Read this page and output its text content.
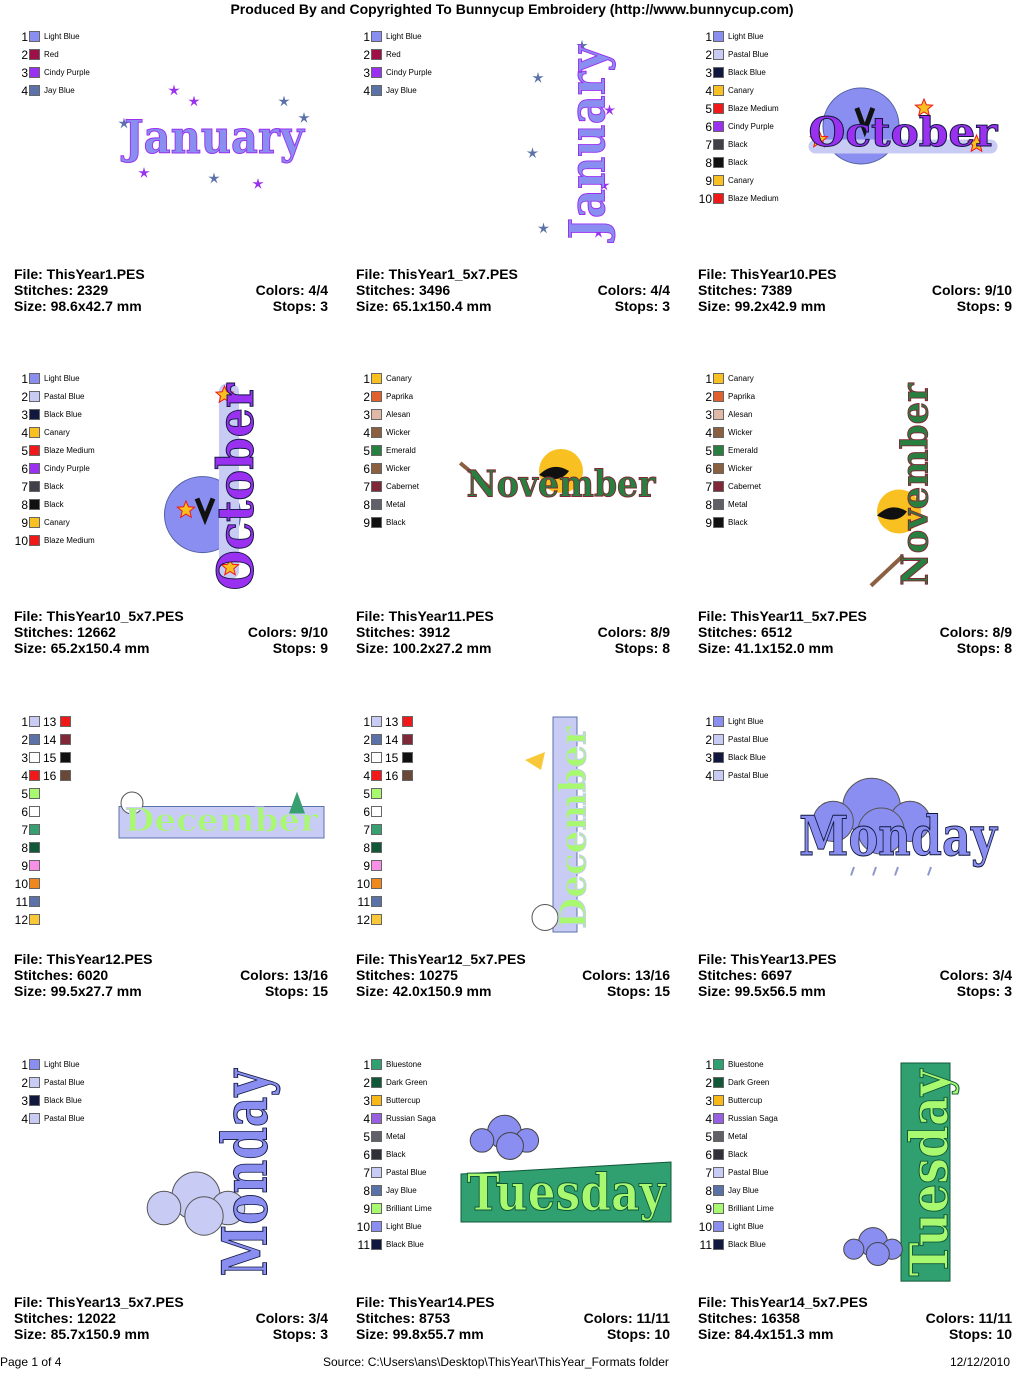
Produced By and Copyrighted To Bunnycup Embroidery (http://www.bunnycup.com)
1 Light Blue
2 Red
3 Cindy Purple
4 Jay Blue
January
File: ThisYear1.PES
Stitches: 2329	Colors: 4/4
Size: 98.6x42.7 mm	Stops: 3
1 Light Blue
2 Red
3 Cindy Purple
4 Jay Blue	January
File: ThisYear1_5x7.PES
Stitches: 3496	Colors: 4/4
Size: 65.1x150.4 mm	Stops: 3
1 Light Blue
2 Pastal Blue
3 Black Blue
4 Canary
5 Blaze Medium
6 Cindy Purple
7 Black
8 Black
9 Canary
10 Blaze Medium
October
File: ThisYear10.PES
Stitches: 7389	Colors: 9/10
Size: 99.2x42.9 mm	Stops: 9
1 Light Blue
2 Pastal Blue
3 Black Blue
4 Canary
5 Blaze Medium
6 Cindy Purple
7 Black
8 Black
9 Canary
10 Blaze Medium October
File: ThisYear10_5x7.PES
Stitches: 12662	Colors: 9/10
Size: 65.2x150.4 mm	Stops: 9
1 Canary
2 Paprika
3 Alesan
4 Wicker
5 Emerald
6 Wicker
7 Cabernet
8 Metal
9 Black
November
File: ThisYear11.PES
Stitches: 3912	Colors: 8/9
Size: 100.2x27.2 mm	Stops: 8
1 Canary
2 Paprika
3 Alesan
4 Wicker
5 Emerald
6 Wicker
7 Cabernet
8 Metal
9 Black	November
File: ThisYear11_5x7.PES
Stitches: 6512	Colors: 8/9
Size: 41.1x152.0 mm	Stops: 8
1
2
3
4
5
6
7
8
9
10
11
12
13
14
15
16
December
File: ThisYear12.PES
Stitches: 6020	Colors: 13/16
Size: 99.5x27.7 mm	Stops: 15
1
2
3
4
5
6
7
8
9
10
11
12
13
14
15
16	December
File: ThisYear12_5x7.PES
Stitches: 10275	Colors: 13/16
Size: 42.0x150.9 mm	Stops: 15
1 Light Blue
2 Pastal Blue
3 Black Blue
4 Pastal Blue
Monday
File: ThisYear13.PES
Stitches: 6697	Colors: 3/4
Size: 99.5x56.5 mm	Stops: 3
1 Light Blue
2 Pastal Blue
3 Black Blue
4 Pastal Blue Monday
File: ThisYear13_5x7.PES
Stitches: 12022	Colors: 3/4
Size: 85.7x150.9 mm	Stops: 3
1 Bluestone
2 Dark Green
3 Buttercup
4 Russian Saga
5 Metal
6 Black
7 Pastal Blue
8 Jay Blue
9 Brilliant Lime
10 Light Blue
11 Black Blue
Tuesday
File: ThisYear14.PES
Stitches: 8753	Colors: 11/11
Size: 99.8x55.7 mm	Stops: 10
1 Bluestone
2 Dark Green
3 Buttercup
4 Russian Saga
5 Metal
6 Black
7 Pastal Blue
8 Jay Blue
9 Brilliant Lime
10 Light Blue
11 Black Blue	Tuesday
File: ThisYear14_5x7.PES
Stitches: 16358	Colors: 11/11
Size: 84.4x151.3 mm	Stops: 10
Page 1 of 4	Source: C:\Users\ans\Desktop\ThisYear\ThisYear_Formats folder	12/12/2010
